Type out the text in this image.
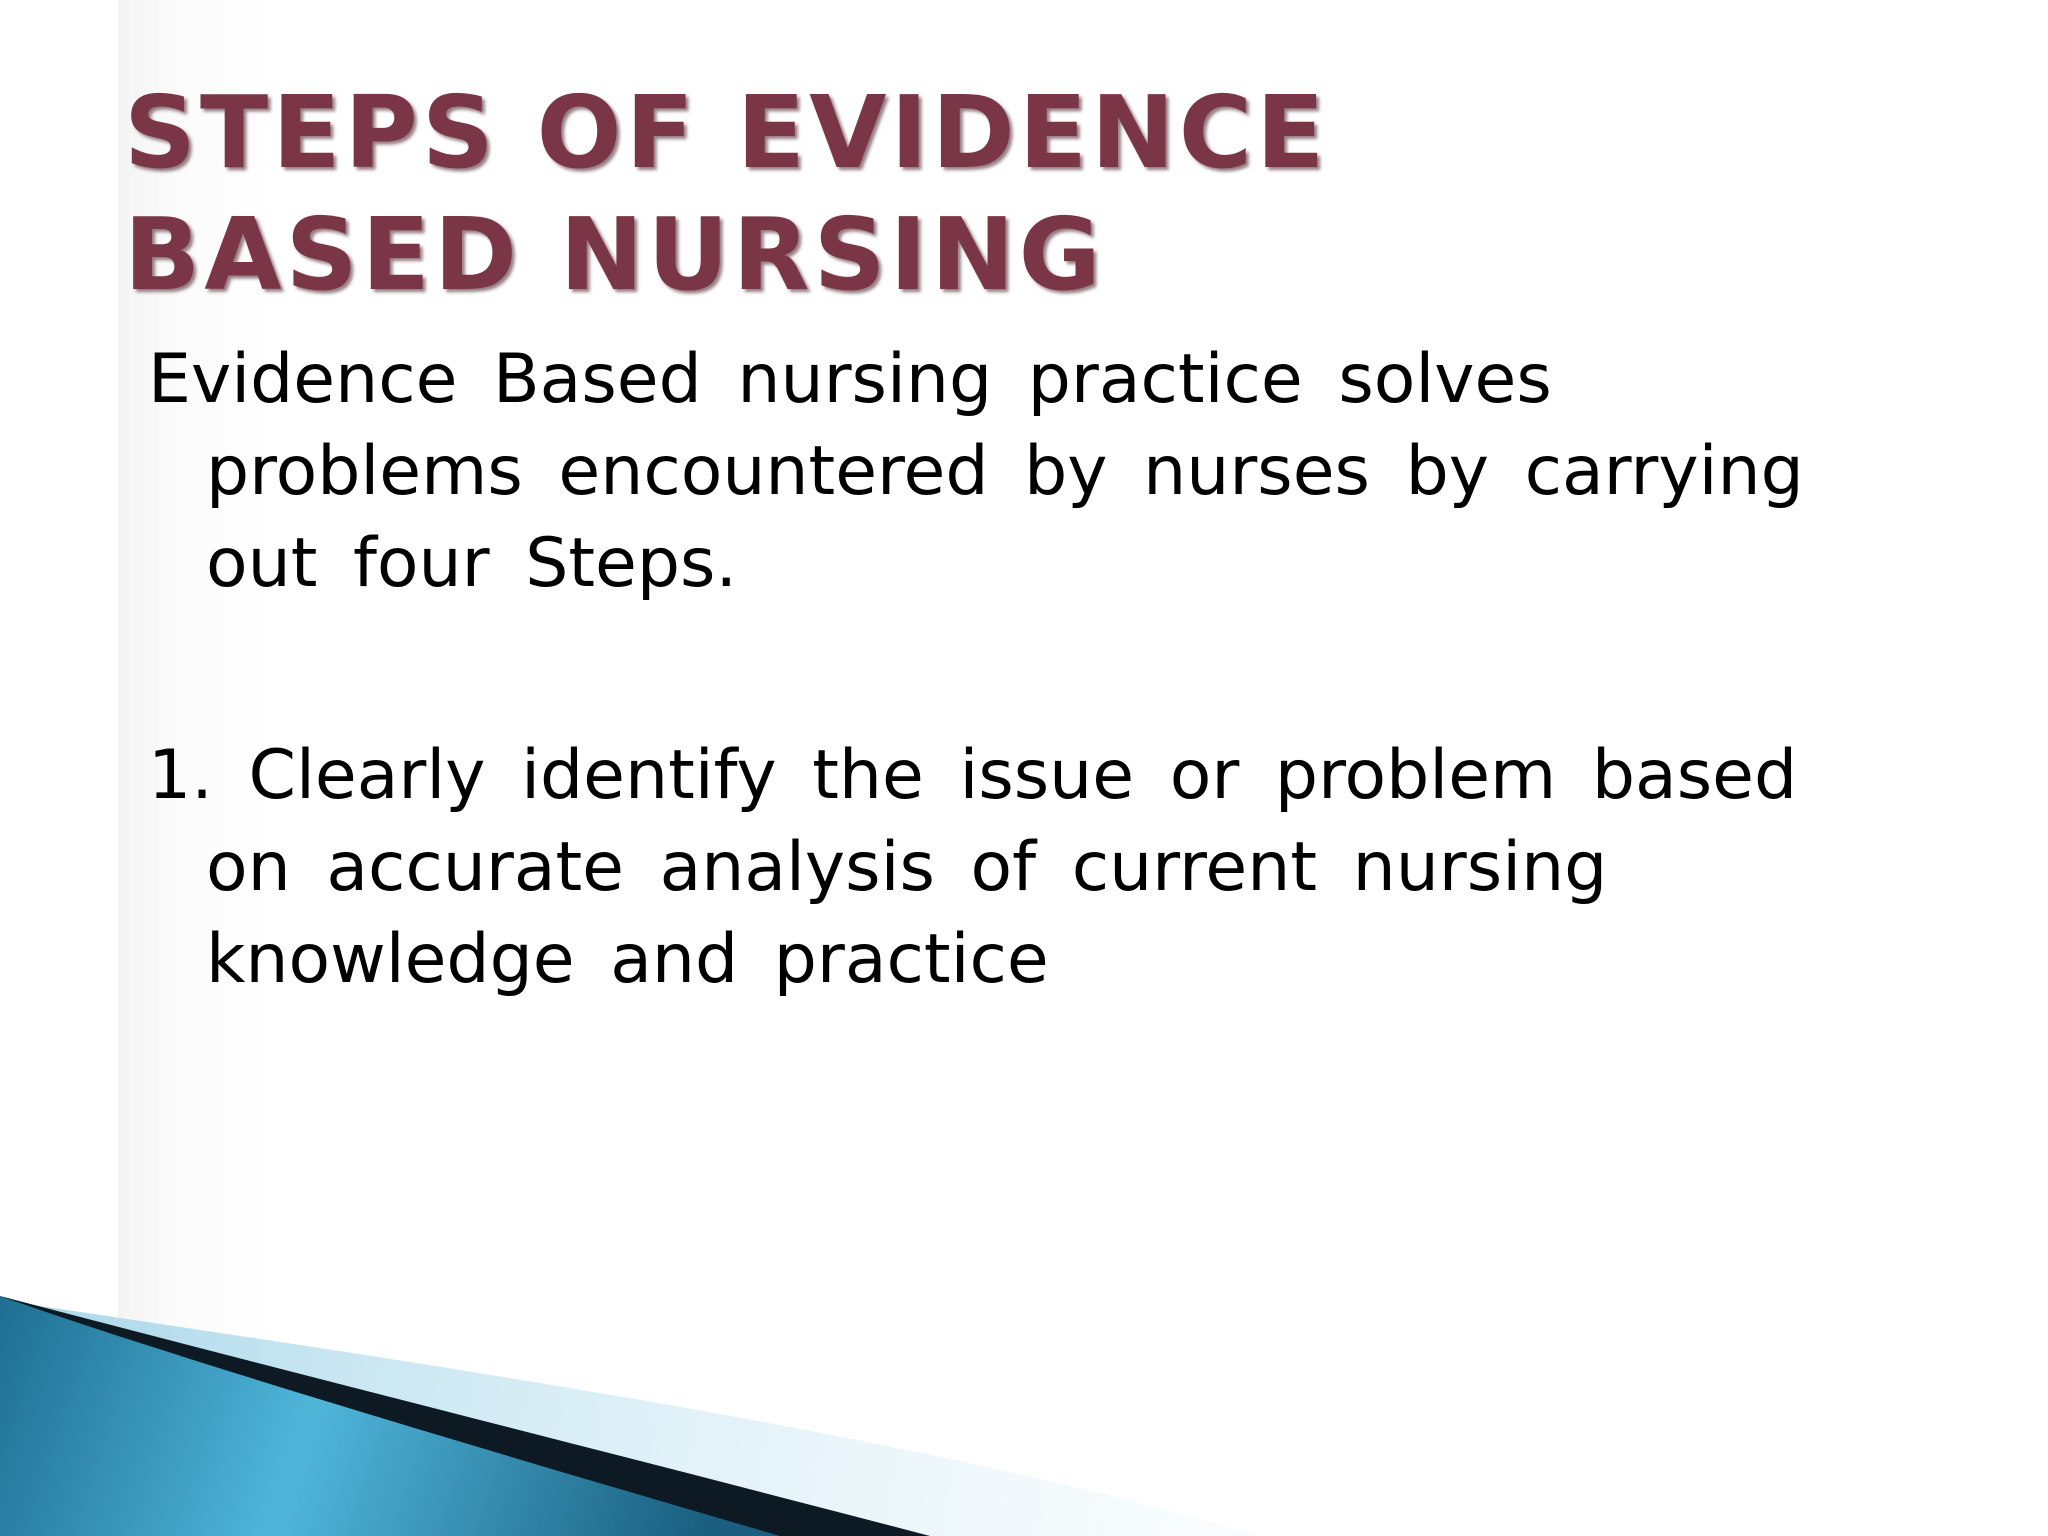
STEPS OF EVIDENCE BASED NURSING

Evidence Based nursing practice solves problems encountered by nurses by carrying out four Steps.

1. Clearly identify the issue or problem based on accurate analysis of current nursing knowledge and practice
